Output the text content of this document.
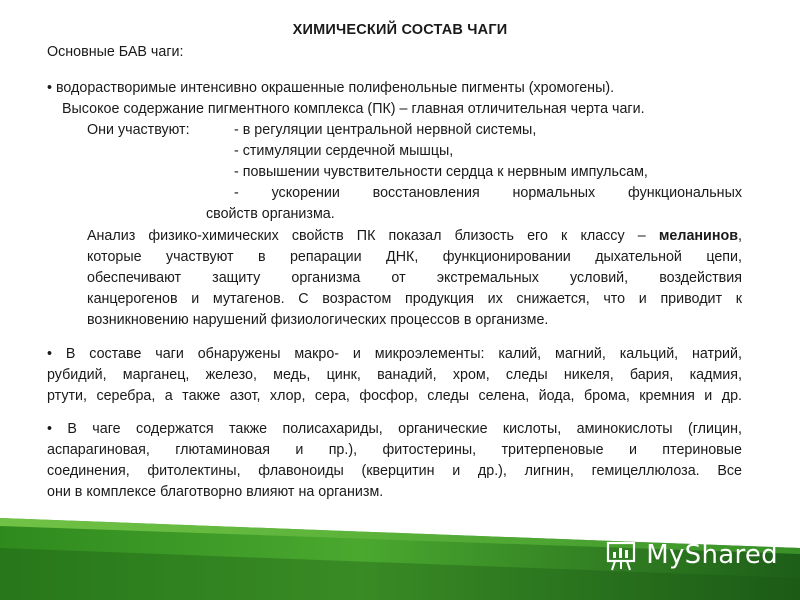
ХИМИЧЕСКИЙ СОСТАВ ЧАГИ
Основные БАВ чаги:
• водорастворимые интенсивно окрашенные полифенольные пигменты (хромогены).
Высокое содержание пигментного комплекса (ПК) – главная отличительная черта чаги.
Они участвуют:	- в регуляции центральной нервной системы,
- стимуляции сердечной мышцы,
- повышении чувствительности сердца к нервным импульсам,
- ускорении восстановления нормальных функциональных
свойств организма.
Анализ физико-химических свойств ПК показал близость его к классу – меланинов,
которые участвуют в репарации ДНК, функционировании дыхательной цепи,
обеспечивают защиту организма от экстремальных условий, воздействия
канцерогенов и мутагенов. С возрастом продукция их снижается, что и приводит к
возникновению нарушений физиологических процессов в организме.
• В составе чаги обнаружены макро- и микроэлементы: калий, магний, кальций, натрий,
рубидий, марганец, железо, медь, цинк, ванадий, хром, следы никеля, бария, кадмия,
ртути, серебра, а также азот, хлор, сера, фосфор, следы селена, йода, брома, кремния и др.
• В чаге содержатся также полисахариды, органические кислоты, аминокислоты (глицин,
аспарагиновая, глютаминовая и пр.), фитостерины, тритерпеновые и птериновые
соединения, фитолектины, флавоноиды (кверцитин и др.), лигнин, гемицеллюлоза. Все
они в комплексе благотворно влияют на организм.
MyShared
